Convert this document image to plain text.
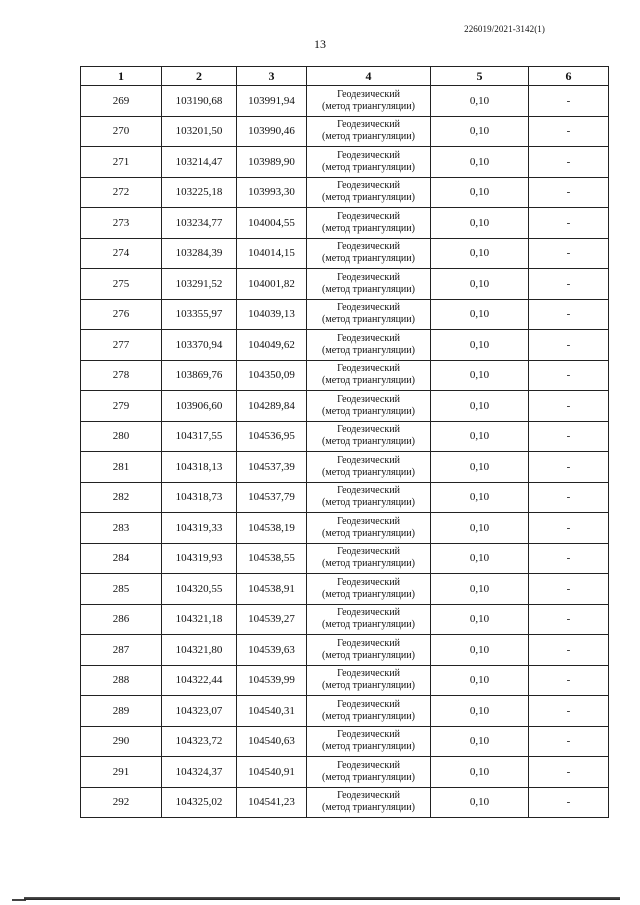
226019/2021-3142(1)
13
1	2	3	4	5	6
269	103190,68	103991,94	Геодезический
(метод триангуляции)	0,10	-
270	103201,50	103990,46	Геодезический
(метод триангуляции)	0,10	-
271	103214,47	103989,90	Геодезический
(метод триангуляции)	0,10	-
272	103225,18	103993,30	Геодезический
(метод триангуляции)	0,10	-
273	103234,77	104004,55	Геодезический
(метод триангуляции)	0,10	-
274	103284,39	104014,15	Геодезический
(метод триангуляции)	0,10	-
275	103291,52	104001,82	Геодезический
(метод триангуляции)	0,10	-
276	103355,97	104039,13	Геодезический
(метод триангуляции)	0,10	-
277	103370,94	104049,62	Геодезический
(метод триангуляции)	0,10	-
278	103869,76	104350,09	Геодезический
(метод триангуляции)	0,10	-
279	103906,60	104289,84	Геодезический
(метод триангуляции)	0,10	-
280	104317,55	104536,95	Геодезический
(метод триангуляции)	0,10	-
281	104318,13	104537,39	Геодезический
(метод триангуляции)	0,10	-
282	104318,73	104537,79	Геодезический
(метод триангуляции)	0,10	-
283	104319,33	104538,19	Геодезический
(метод триангуляции)	0,10	-
284	104319,93	104538,55	Геодезический
(метод триангуляции)	0,10	-
285	104320,55	104538,91	Геодезический
(метод триангуляции)	0,10	-
286	104321,18	104539,27	Геодезический
(метод триангуляции)	0,10	-
287	104321,80	104539,63	Геодезический
(метод триангуляции)	0,10	-
288	104322,44	104539,99	Геодезический
(метод триангуляции)	0,10	-
289	104323,07	104540,31	Геодезический
(метод триангуляции)	0,10	-
290	104323,72	104540,63	Геодезический
(метод триангуляции)	0,10	-
291	104324,37	104540,91	Геодезический
(метод триангуляции)	0,10	-
292	104325,02	104541,23	Геодезический
(метод триангуляции)	0,10	-
